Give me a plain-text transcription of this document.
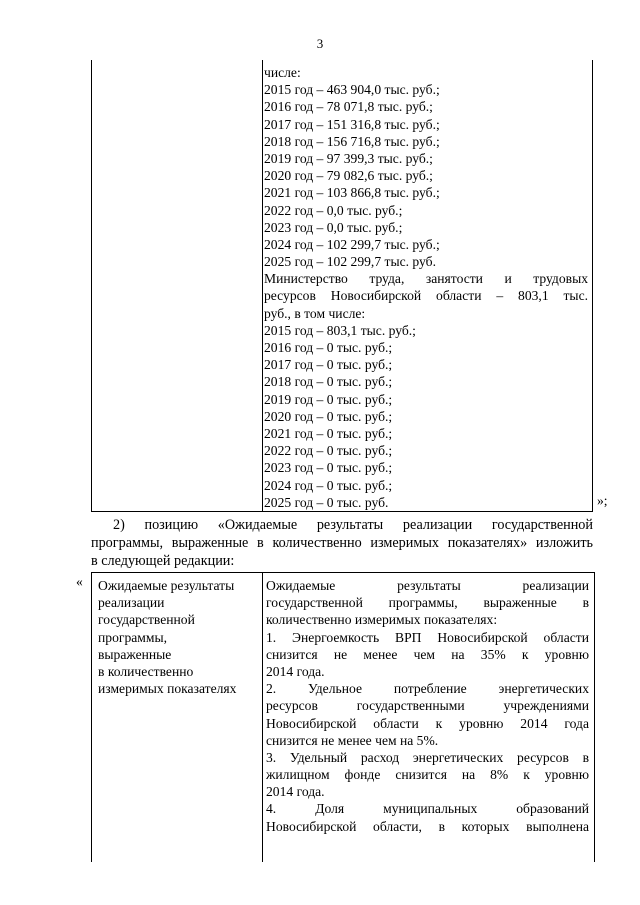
3
числе:
2015 год – 463 904,0 тыс. руб.;
2016 год – 78 071,8 тыс. руб.;
2017 год – 151 316,8 тыс. руб.;
2018 год – 156 716,8 тыс. руб.;
2019 год – 97 399,3 тыс. руб.;
2020 год – 79 082,6 тыс. руб.;
2021 год – 103 866,8 тыс. руб.;
2022 год – 0,0 тыс. руб.;
2023 год – 0,0 тыс. руб.;
2024 год – 102 299,7 тыс. руб.;
2025 год – 102 299,7 тыс. руб.
Министерство труда, занятости и трудовых
ресурсов Новосибирской области – 803,1 тыс.
руб., в том числе:
2015 год – 803,1 тыс. руб.;
2016 год – 0 тыс. руб.;
2017 год – 0 тыс. руб.;
2018 год – 0 тыс. руб.;
2019 год – 0 тыс. руб.;
2020 год – 0 тыс. руб.;
2021 год – 0 тыс. руб.;
2022 год – 0 тыс. руб.;
2023 год – 0 тыс. руб.;
2024 год – 0 тыс. руб.;
2025 год – 0 тыс. руб.	»;
2) позицию «Ожидаемые результаты реализации государственной
программы, выраженные в количественно измеримых показателях» изложить
в следующей редакции:
« Ожидаемые результаты
реализации
государственной
программы,
выраженные
в количественно
измеримых показателях
Ожидаемые результаты реализации
государственной программы, выраженные в
количественно измеримых показателях:
1. Энергоемкость ВРП Новосибирской области
снизится не менее чем на 35% к уровню
2014 года.
2. Удельное потребление энергетических
ресурсов государственными учреждениями
Новосибирской области к уровню 2014 года
снизится не менее чем на 5%.
3. Удельный расход энергетических ресурсов в
жилищном фонде снизится на 8% к уровню
2014 года.
4. Доля муниципальных образований
Новосибирской области, в которых выполнена
